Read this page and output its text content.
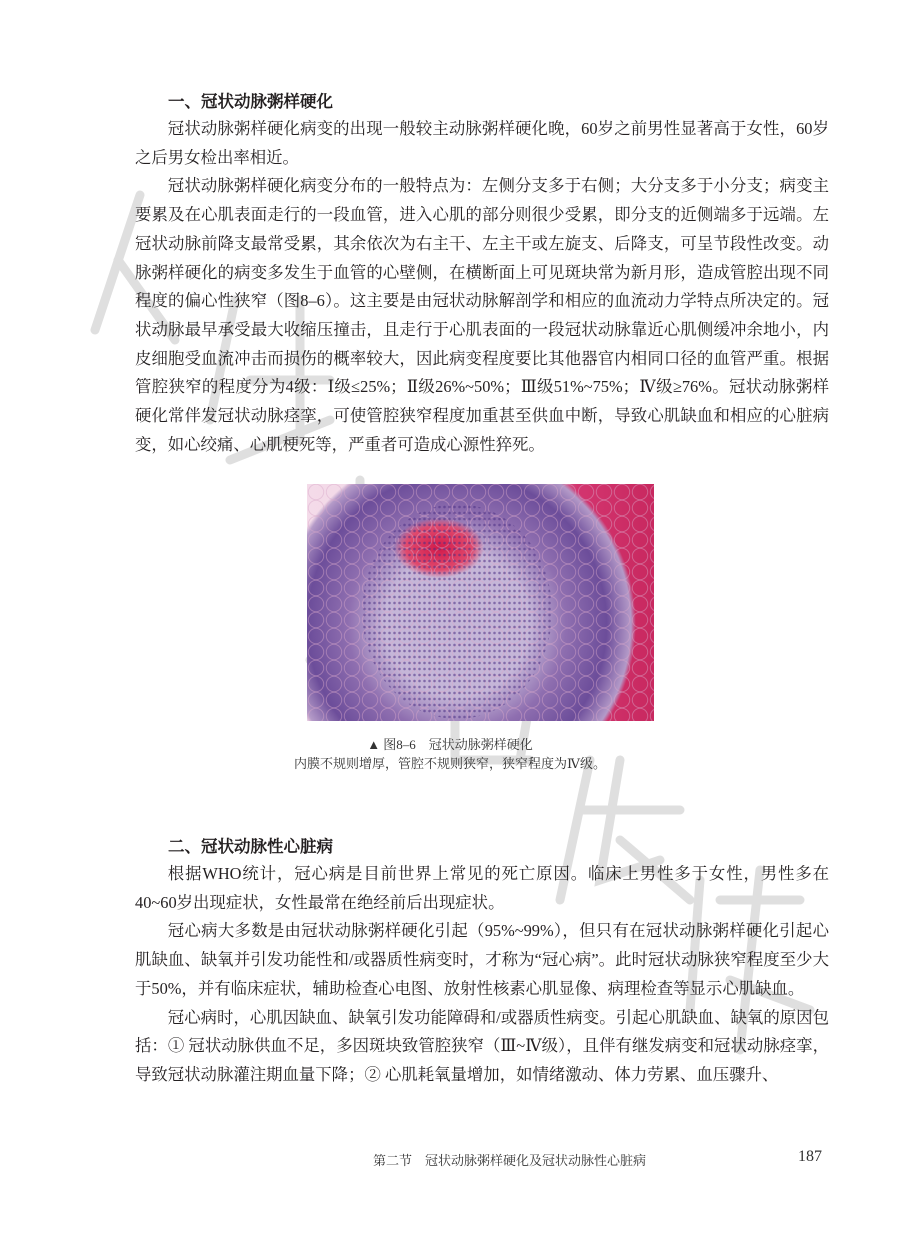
一、冠状动脉粥样硬化

冠状动脉粥样硬化病变的出现一般较主动脉粥样硬化晚，60岁之前男性显著高于女性，60岁之后男女检出率相近。

冠状动脉粥样硬化病变分布的一般特点为：左侧分支多于右侧；大分支多于小分支；病变主要累及在心肌表面走行的一段血管，进入心肌的部分则很少受累，即分支的近侧端多于远端。左冠状动脉前降支最常受累，其余依次为右主干、左主干或左旋支、后降支，可呈节段性改变。动脉粥样硬化的病变多发生于血管的心壁侧，在横断面上可见斑块常为新月形，造成管腔出现不同程度的偏心性狭窄（图8–6）。这主要是由冠状动脉解剖学和相应的血流动力学特点所决定的。冠状动脉最早承受最大收缩压撞击，且走行于心肌表面的一段冠状动脉靠近心肌侧缓冲余地小，内皮细胞受血流冲击而损伤的概率较大，因此病变程度要比其他器官内相同口径的血管严重。根据管腔狭窄的程度分为4级：Ⅰ级≤25%；Ⅱ级26%~50%；Ⅲ级51%~75%；Ⅳ级≥76%。冠状动脉粥样硬化常伴发冠状动脉痉挛，可使管腔狭窄程度加重甚至供血中断，导致心肌缺血和相应的心脏病变，如心绞痛、心肌梗死等，严重者可造成心源性猝死。

▲ 图8–6　冠状动脉粥样硬化
内膜不规则增厚，管腔不规则狭窄，狭窄程度为Ⅳ级。
二、冠状动脉性心脏病

根据WHO统计，冠心病是目前世界上常见的死亡原因。临床上男性多于女性，男性多在40~60岁出现症状，女性最常在绝经前后出现症状。

冠心病大多数是由冠状动脉粥样硬化引起（95%~99%），但只有在冠状动脉粥样硬化引起心肌缺血、缺氧并引发功能性和/或器质性病变时，才称为“冠心病”。此时冠状动脉狭窄程度至少大于50%，并有临床症状，辅助检查心电图、放射性核素心肌显像、病理检查等显示心肌缺血。

冠心病时，心肌因缺血、缺氧引发功能障碍和/或器质性病变。引起心肌缺血、缺氧的原因包括：① 冠状动脉供血不足，多因斑块致管腔狭窄（Ⅲ~Ⅳ级），且伴有继发病变和冠状动脉痉挛，导致冠状动脉灌注期血量下降；② 心肌耗氧量增加，如情绪激动、体力劳累、血压骤升、

第二节　冠状动脉粥样硬化及冠状动脉性心脏病	187
